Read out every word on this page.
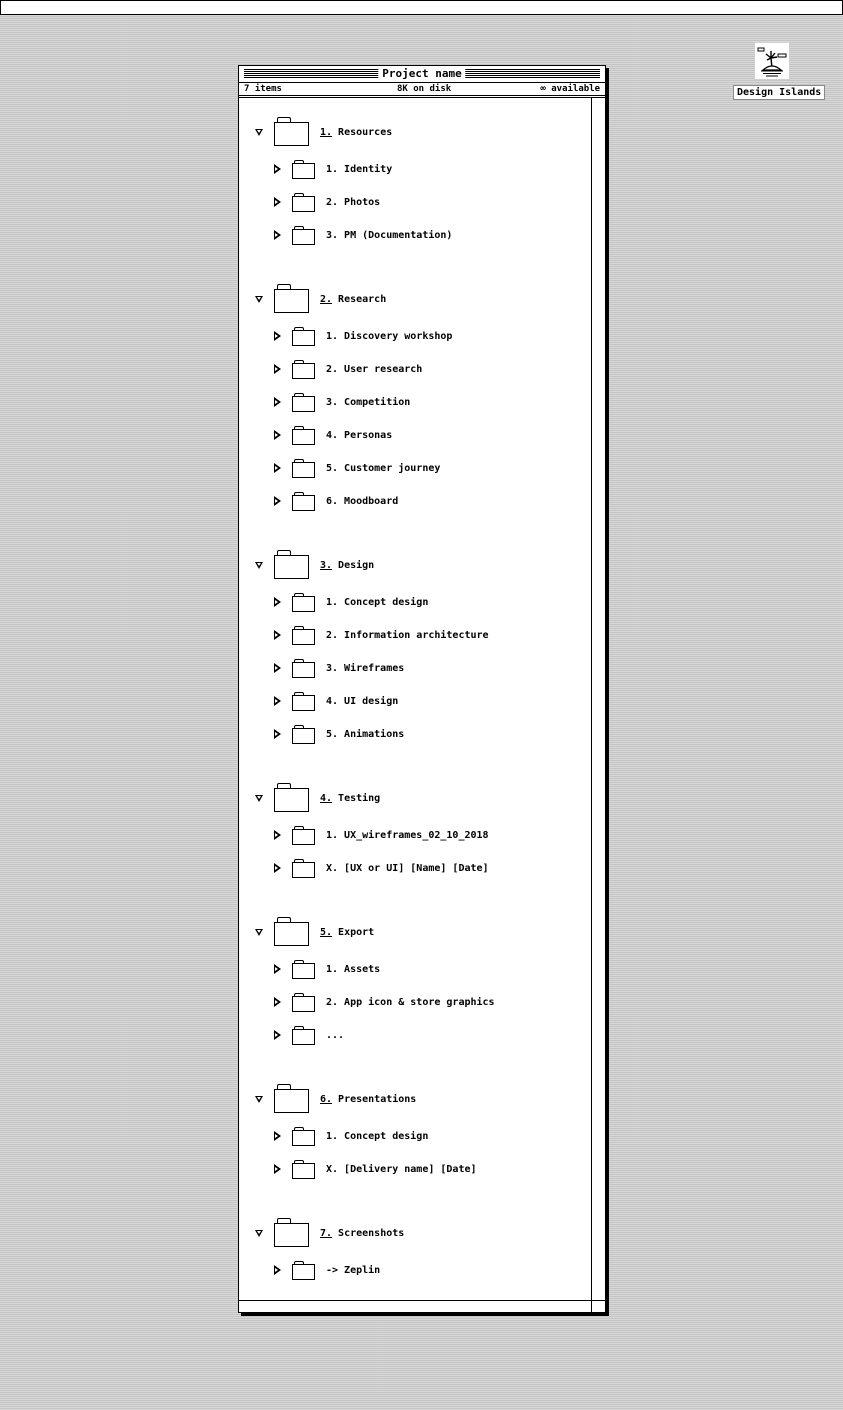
Design Islands
Project name
7 items	8K on disk	∞ available
1. Resources
1. Identity
2. Photos
3. PM (Documentation)
2. Research
1. Discovery workshop
2. User research
3. Competition
4. Personas
5. Customer journey
6. Moodboard
3. Design
1. Concept design
2. Information architecture
3. Wireframes
4. UI design
5. Animations
4. Testing
1. UX_wireframes_02_10_2018
X. [UX or UI] [Name] [Date]
5. Export
1. Assets
2. App icon & store graphics
...
6. Presentations
1. Concept design
X. [Delivery name] [Date]
7. Screenshots
-> Zeplin
